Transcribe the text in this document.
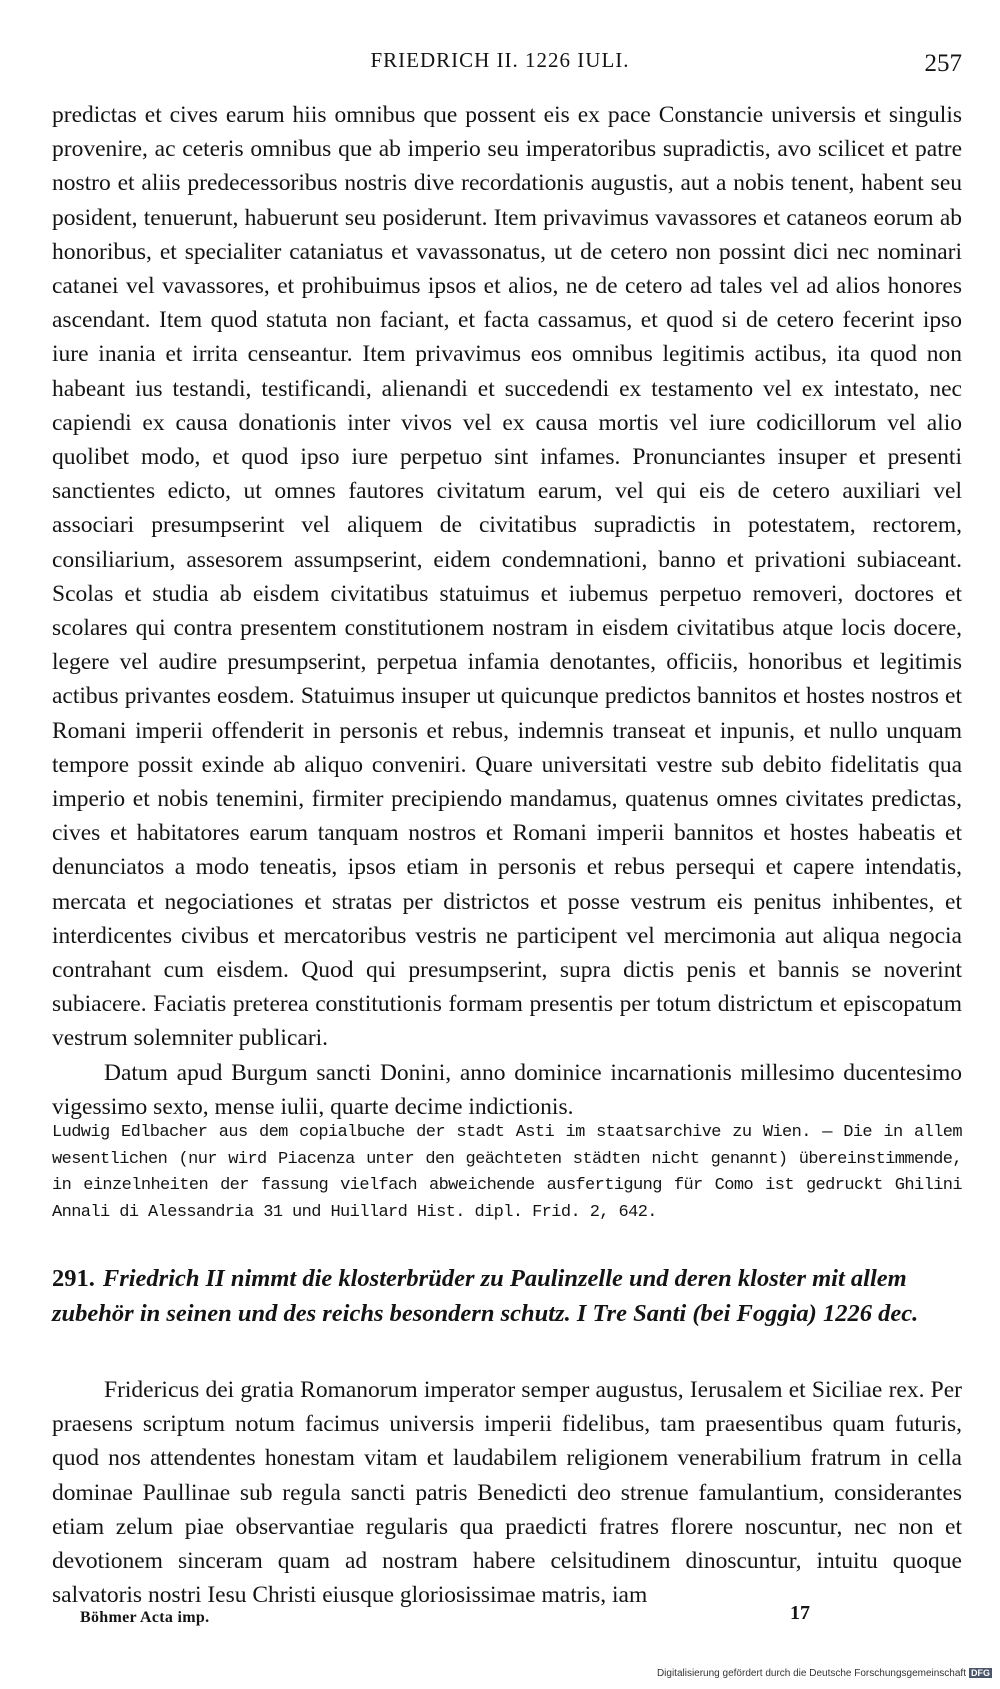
FRIEDRICH II. 1226 IULI.	257

predictas et cives earum hiis omnibus que possent eis ex pace Constancie universis et singulis provenire, ac ceteris omnibus que ab imperio seu imperatoribus supradictis, avo scilicet et patre nostro et aliis predecessoribus nostris dive recordationis augustis, aut a nobis tenent, habent seu posident, tenuerunt, habuerunt seu posiderunt. Item privavimus vavassores et cataneos eorum ab honoribus, et specialiter cataniatus et vavassonatus, ut de cetero non possint dici nec nominari catanei vel vavassores, et prohibuimus ipsos et alios, ne de cetero ad tales vel ad alios honores ascendant. Item quod statuta non faciant, et facta cassamus, et quod si de cetero fecerint ipso iure inania et irrita censeantur. Item privavimus eos omnibus legitimis actibus, ita quod non habeant ius testandi, testificandi, alienandi et succedendi ex testamento vel ex intestato, nec capiendi ex causa donationis inter vivos vel ex causa mortis vel iure codicillorum vel alio quolibet modo, et quod ipso iure perpetuo sint infames. Pronunciantes insuper et presenti sanctientes edicto, ut omnes fautores civitatum earum, vel qui eis de cetero auxiliari vel associari presumpserint vel aliquem de civitatibus supradictis in potestatem, rectorem, consiliarium, assesorem assumpserint, eidem condemnationi, banno et privationi subiaceant. Scolas et studia ab eisdem civitatibus statuimus et iubemus perpetuo removeri, doctores et scolares qui contra presentem constitutionem nostram in eisdem civitatibus atque locis docere, legere vel audire presumpserint, perpetua infamia denotantes, officiis, honoribus et legitimis actibus privantes eosdem. Statuimus insuper ut quicunque predictos bannitos et hostes nostros et Romani imperii offenderit in personis et rebus, indemnis transeat et inpunis, et nullo unquam tempore possit exinde ab aliquo conveniri. Quare universitati vestre sub debito fidelitatis qua imperio et nobis tenemini, firmiter precipiendo mandamus, quatenus omnes civitates predictas, cives et habitatores earum tanquam nostros et Romani imperii bannitos et hostes habeatis et denunciatos a modo teneatis, ipsos etiam in personis et rebus persequi et capere intendatis, mercata et negociationes et stratas per districtos et posse vestrum eis penitus inhibentes, et interdicentes civibus et mercatoribus vestris ne participent vel mercimonia aut aliqua negocia contrahant cum eisdem. Quod qui presumpserint, supra dictis penis et bannis se noverint subiacere. Faciatis preterea constitutionis formam presentis per totum districtum et episcopatum vestrum solemniter publicari.

Datum apud Burgum sancti Donini, anno dominice incarnationis millesimo ducentesimo vigessimo sexto, mense iulii, quarte decime indictionis.

Ludwig Edlbacher aus dem copialbuche der stadt Asti im staatsarchive zu Wien. — Die in allem wesentlichen (nur wird Piacenza unter den geächteten städten nicht genannt) übereinstimmende, in einzelnheiten der fassung vielfach abweichende ausfertigung für Como ist gedruckt Ghilini Annali di Alessandria 31 und Huillard Hist. dipl. Frid. 2, 642.
291. Friedrich II nimmt die klosterbrüder zu Paulinzelle und deren kloster mit allem zubehör in seinen und des reichs besondern schutz. I Tre Santi (bei Foggia) 1226 dec.

Fridericus dei gratia Romanorum imperator semper augustus, Ierusalem et Siciliae rex. Per praesens scriptum notum facimus universis imperii fidelibus, tam praesentibus quam futuris, quod nos attendentes honestam vitam et laudabilem religionem venerabilium fratrum in cella dominae Paullinae sub regula sancti patris Benedicti deo strenue famulantium, considerantes etiam zelum piae observantiae regularis qua praedicti fratres florere noscuntur, nec non et devotionem sinceram quam ad nostram habere celsitudinem dinoscuntur, intuitu quoque salvatoris nostri Iesu Christi eiusque gloriosissimae matris, iam

Böhmer Acta imp.	17
Digitalisierung gefördert durch die Deutsche Forschungsgemeinschaft DFG
